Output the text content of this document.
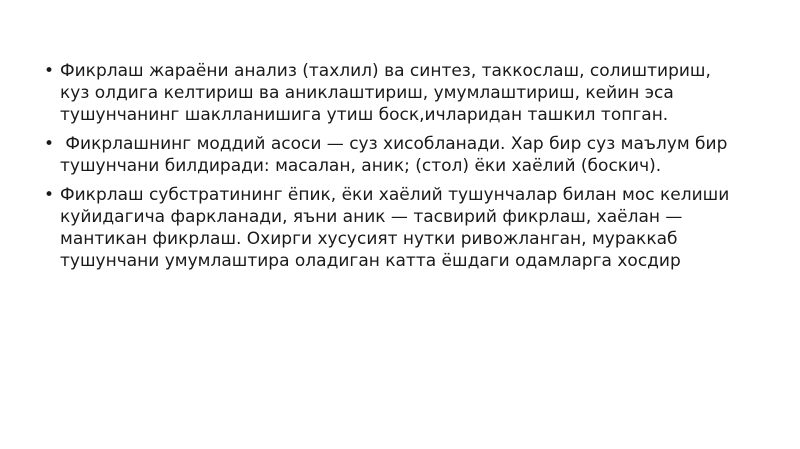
• Фикрлаш жараёни анализ (тахлил) ва синтез, таккослаш, солиштириш, куз олдига келтириш ва аниклаштириш, умумлаштириш, кейин эса тушунчанинг шаклланишига утиш боск,ичларидан ташкил топган.
• Фикрлашнинг моддий асоси — суз хисобланади. Хар бир суз маълум бир тушунчани билдиради: масалан, аник; (стол) ёки хаёлий (боскич).
• Фикрлаш субстратининг ёпик, ёки хаёлий тушунчалар билан мос келиши куйидагича фаркланади, яъни аник — тасвирий фикрлаш, хаёлан — мантикан фикрлаш. Охирги хусусият нутки ривожланган, мураккаб тушунчани умумлаштира оладиган катта ёшдаги одамларга хосдир
